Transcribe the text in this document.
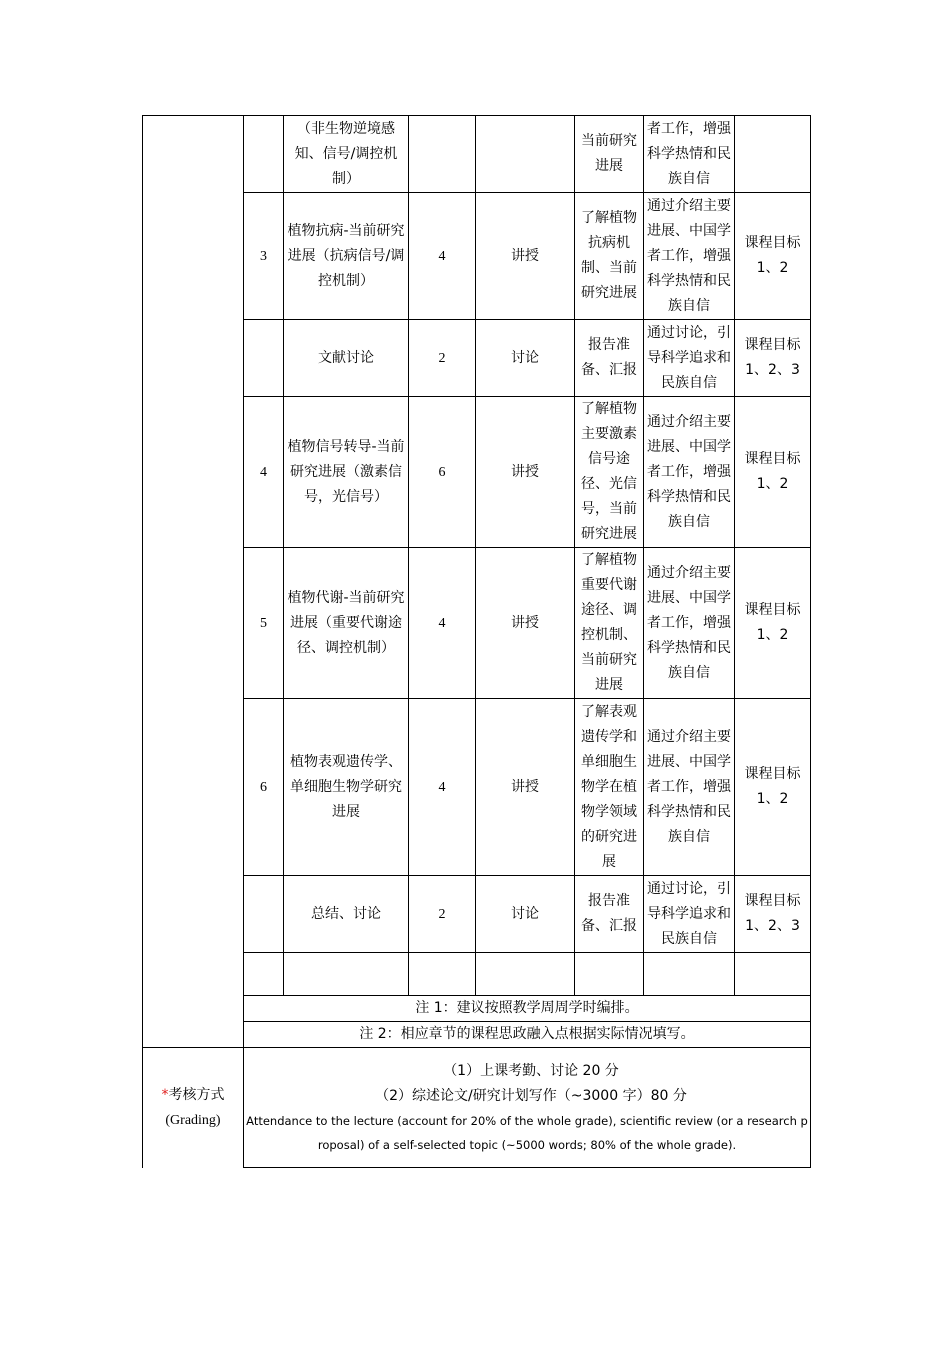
		（非生物逆境感知、信号/调控机制）			当前研究进展	者工作，增强科学热情和民族自信	
	3	植物抗病-当前研究进展（抗病信号/调控机制）	4	讲授	了解植物抗病机制、当前研究进展	通过介绍主要进展、中国学者工作，增强科学热情和民族自信	课程目标1、2
		文献讨论	2	讨论	报告准备、汇报	通过讨论，引导科学追求和民族自信	课程目标1、2、3
	4	植物信号转导-当前研究进展（激素信号，光信号）	6	讲授	了解植物主要激素信号途径、光信号，当前研究进展	通过介绍主要进展、中国学者工作，增强科学热情和民族自信	课程目标1、2
	5	植物代谢-当前研究进展（重要代谢途径、调控机制）	4	讲授	了解植物重要代谢途径、调控机制、当前研究进展	通过介绍主要进展、中国学者工作，增强科学热情和民族自信	课程目标1、2
	6	植物表观遗传学、单细胞生物学研究进展	4	讲授	了解表观遗传学和单细胞生物学在植物学领域的研究进展	通过介绍主要进展、中国学者工作，增强科学热情和民族自信	课程目标1、2
		总结、讨论	2	讨论	报告准备、汇报	通过讨论，引导科学追求和民族自信	课程目标1、2、3

	注 1：建议按照教学周周学时编排。						
	注 2：相应章节的课程思政融入点根据实际情况填写。						
*考核方式
(Grading)	（1）上课考勤、讨论 20 分
（2）综述论文/研究计划写作（~3000 字）80 分
Attendance to the lecture (account for 20% of the whole grade), scientific review (or a research proposal) of a self-selected topic (~5000 words; 80% of the whole grade).						
